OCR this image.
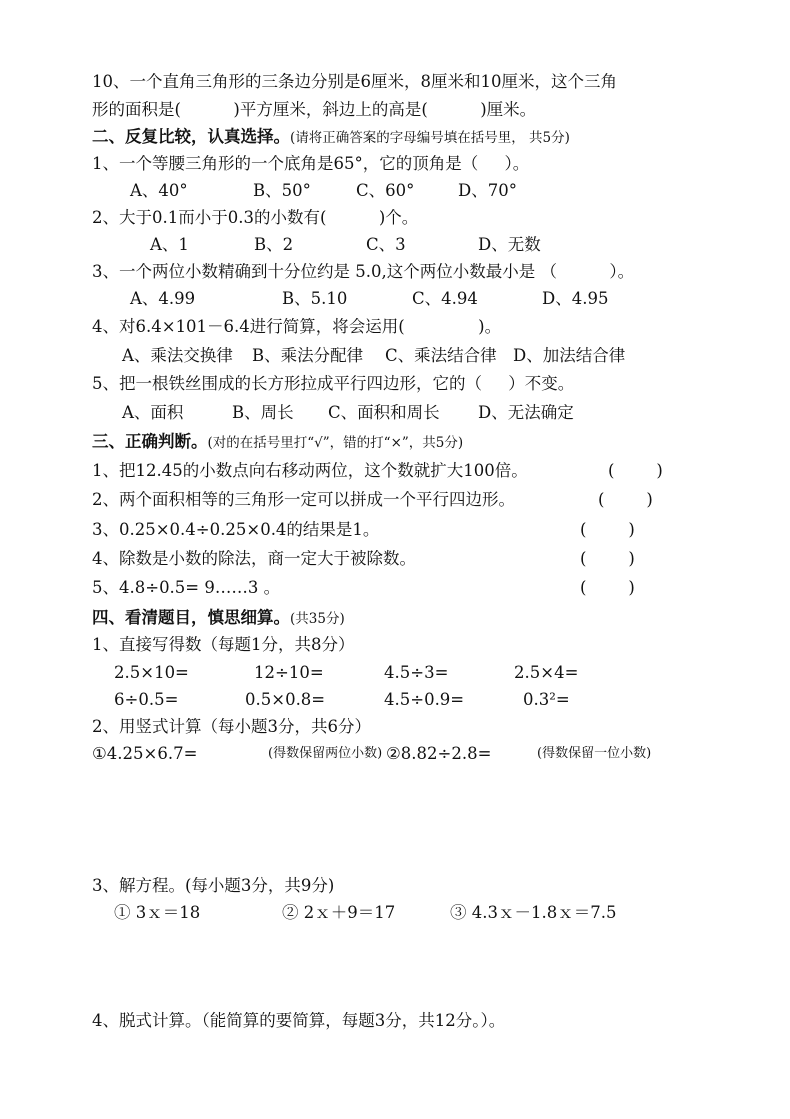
10、一个直角三角形的三条边分别是6厘米，8厘米和10厘米，这个三角
形的面积是(          )平方厘米，斜边上的高是(          )厘米。
二、反复比较，认真选择。(请将正确答案的字母编号填在括号里， 共5分)
1、一个等腰三角形的一个底角是65°，它的顶角是（     ）。
A、40°	B、50°	C、60°	D、70°
2、大于0.1而小于0.3的小数有(          )个。
A、1	B、2	C、3	D、无数
3、一个两位小数精确到十分位约是 5.0,这个两位小数最小是 （          ）。
A、4.99	B、5.10	C、4.94	D、4.95
4、对6.4×101－6.4进行简算，将会运用(              )。
A、乘法交换律 B、乘法分配律 C、乘法结合律 D、加法结合律
5、把一根铁丝围成的长方形拉成平行四边形，它的（     ）不变。
A、面积	B、周长 C、面积和周长 D、无法确定
三、正确判断。(对的在括号里打“√”，错的打“×”，共5分)
1、把12.45的小数点向右移动两位，这个数就扩大100倍。	(        )
2、两个面积相等的三角形一定可以拼成一个平行四边形。	(        )
3、0.25×0.4÷0.25×0.4的结果是1。	(        )
4、除数是小数的除法，商一定大于被除数。	(        )
5、4.8÷0.5= 9……3 。	(        )
四、看清题目，慎思细算。(共35分)
1、直接写得数（每题1分，共8分）
2.5×10=	12÷10=	4.5÷3=	2.5×4=
6÷0.5=	0.5×0.8=	4.5÷0.9=	0.3²=
2、用竖式计算（每小题3分，共6分）
①4.25×6.7=	(得数保留两位小数) ②8.82÷2.8=	(得数保留一位小数)
3、解方程。(每小题3分，共9分)
① 3ｘ＝18	② 2ｘ＋9＝17	③ 4.3ｘ－1.8ｘ＝7.5
4、脱式计算。（能简算的要简算，每题3分，共12分。）。
